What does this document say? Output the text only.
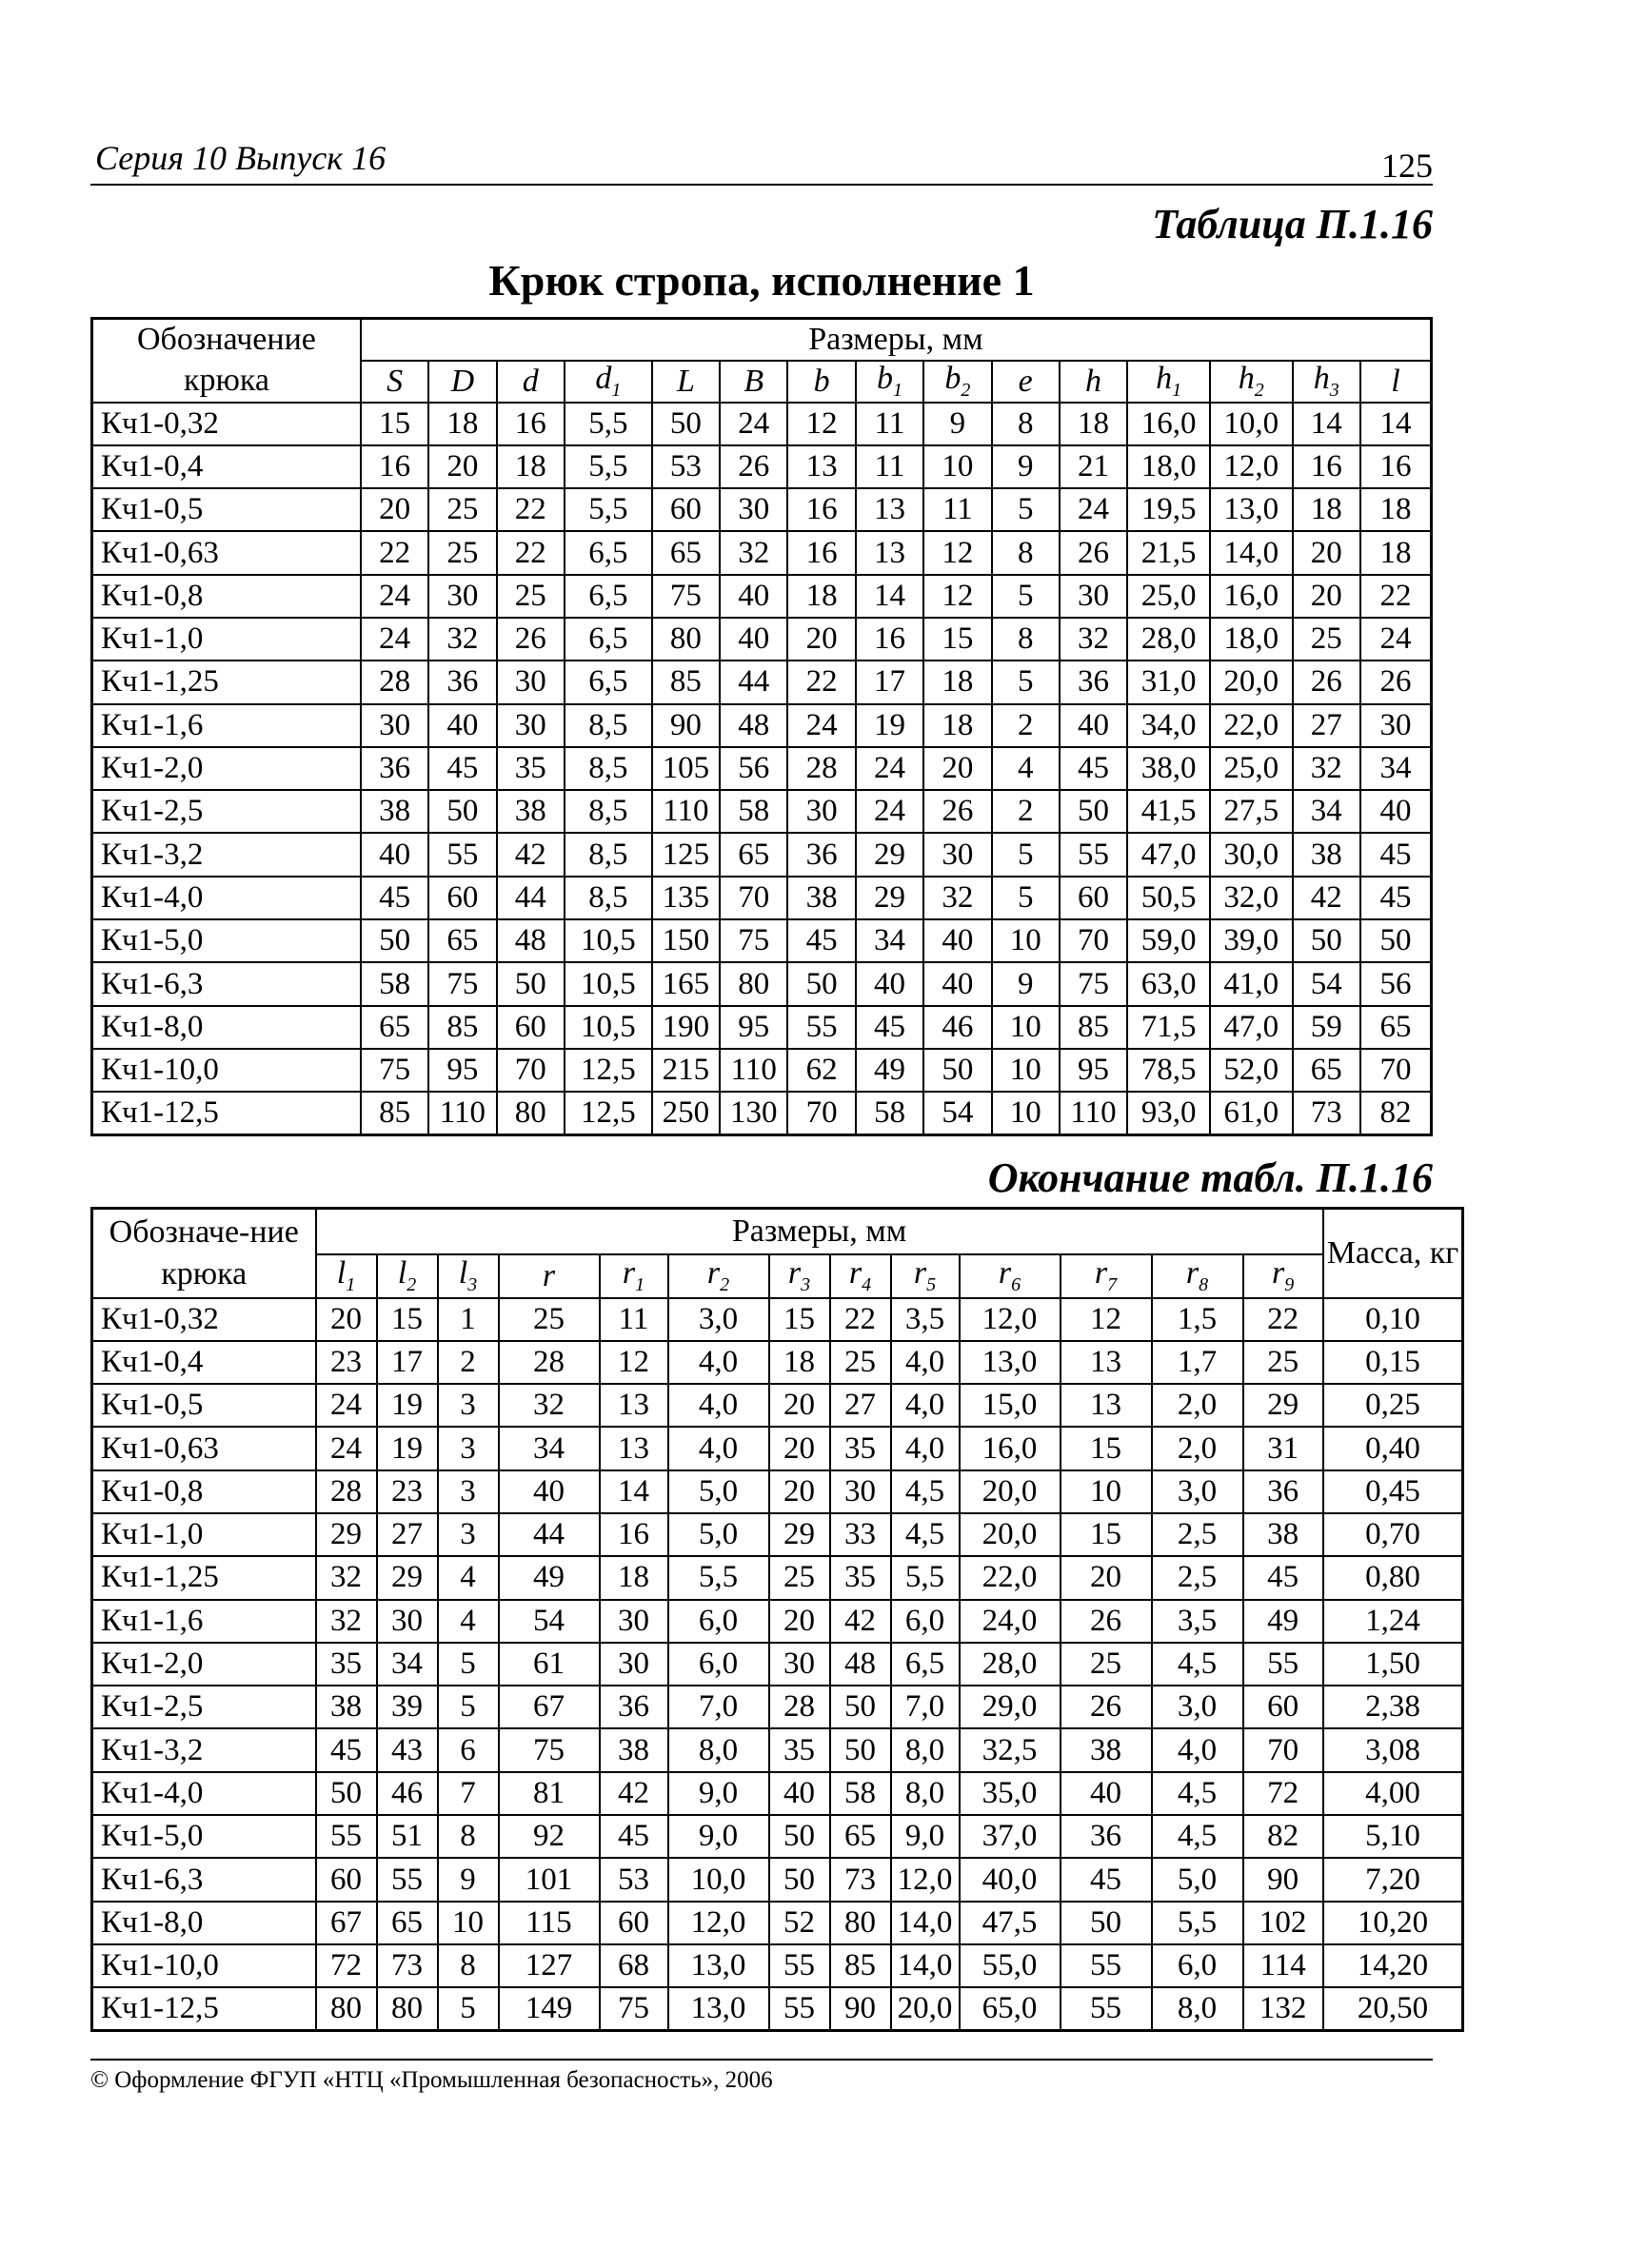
Серия 10 Выпуск 16	125
Таблица П.1.16
Крюк стропа, исполнение 1
Обозначение крюка	Размеры, мм														
	S	D	d	$d_1$	L	B	b	$b_1$	$b_2$	e	h	$h_1$	$h_2$	$h_3$	l
Кч1-0,32	15	18	16	5,5	50	24	12	11	9	8	18	16,0	10,0	14	14
Кч1-0,4	16	20	18	5,5	53	26	13	11	10	9	21	18,0	12,0	16	16
Кч1-0,5	20	25	22	5,5	60	30	16	13	11	5	24	19,5	13,0	18	18
Кч1-0,63	22	25	22	6,5	65	32	16	13	12	8	26	21,5	14,0	20	18
Кч1-0,8	24	30	25	6,5	75	40	18	14	12	5	30	25,0	16,0	20	22
Кч1-1,0	24	32	26	6,5	80	40	20	16	15	8	32	28,0	18,0	25	24
Кч1-1,25	28	36	30	6,5	85	44	22	17	18	5	36	31,0	20,0	26	26
Кч1-1,6	30	40	30	8,5	90	48	24	19	18	2	40	34,0	22,0	27	30
Кч1-2,0	36	45	35	8,5	105	56	28	24	20	4	45	38,0	25,0	32	34
Кч1-2,5	38	50	38	8,5	110	58	30	24	26	2	50	41,5	27,5	34	40
Кч1-3,2	40	55	42	8,5	125	65	36	29	30	5	55	47,0	30,0	38	45
Кч1-4,0	45	60	44	8,5	135	70	38	29	32	5	60	50,5	32,0	42	45
Кч1-5,0	50	65	48	10,5	150	75	45	34	40	10	70	59,0	39,0	50	50
Кч1-6,3	58	75	50	10,5	165	80	50	40	40	9	75	63,0	41,0	54	56
Кч1-8,0	65	85	60	10,5	190	95	55	45	46	10	85	71,5	47,0	59	65
Кч1-10,0	75	95	70	12,5	215	110	62	49	50	10	95	78,5	52,0	65	70
Кч1-12,5	85	110	80	12,5	250	130	70	58	54	10	110	93,0	61,0	73	82
Окончание табл. П.1.16
Обозначе-ние крюка	Размеры, мм													Масса, кг
	$l_1$	$l_2$	$l_3$	r	$r_1$	$r_2$	$r_3$	$r_4$	$r_5$	$r_6$	$r_7$	$r_8$	$r_9$
Кч1-0,32	20	15	1	25	11	3,0	15	22	3,5	12,0	12	1,5	22	0,10
Кч1-0,4	23	17	2	28	12	4,0	18	25	4,0	13,0	13	1,7	25	0,15
Кч1-0,5	24	19	3	32	13	4,0	20	27	4,0	15,0	13	2,0	29	0,25
Кч1-0,63	24	19	3	34	13	4,0	20	35	4,0	16,0	15	2,0	31	0,40
Кч1-0,8	28	23	3	40	14	5,0	20	30	4,5	20,0	10	3,0	36	0,45
Кч1-1,0	29	27	3	44	16	5,0	29	33	4,5	20,0	15	2,5	38	0,70
Кч1-1,25	32	29	4	49	18	5,5	25	35	5,5	22,0	20	2,5	45	0,80
Кч1-1,6	32	30	4	54	30	6,0	20	42	6,0	24,0	26	3,5	49	1,24
Кч1-2,0	35	34	5	61	30	6,0	30	48	6,5	28,0	25	4,5	55	1,50
Кч1-2,5	38	39	5	67	36	7,0	28	50	7,0	29,0	26	3,0	60	2,38
Кч1-3,2	45	43	6	75	38	8,0	35	50	8,0	32,5	38	4,0	70	3,08
Кч1-4,0	50	46	7	81	42	9,0	40	58	8,0	35,0	40	4,5	72	4,00
Кч1-5,0	55	51	8	92	45	9,0	50	65	9,0	37,0	36	4,5	82	5,10
Кч1-6,3	60	55	9	101	53	10,0	50	73	12,0	40,0	45	5,0	90	7,20
Кч1-8,0	67	65	10	115	60	12,0	52	80	14,0	47,5	50	5,5	102	10,20
Кч1-10,0	72	73	8	127	68	13,0	55	85	14,0	55,0	55	6,0	114	14,20
Кч1-12,5	80	80	5	149	75	13,0	55	90	20,0	65,0	55	8,0	132	20,50
© Оформление ФГУП «НТЦ «Промышленная безопасность», 2006
